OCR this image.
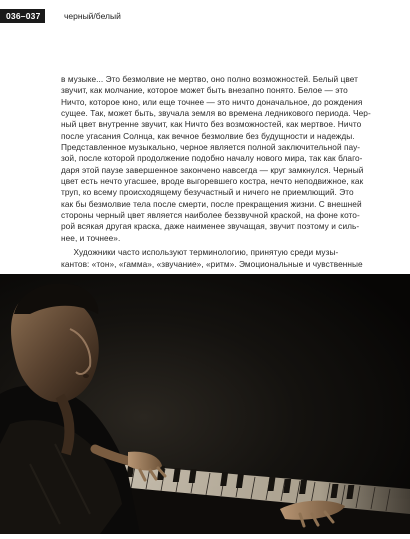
036–037	черный/белый

в музыке... Это безмолвие не мертво, оно полно возможностей. Белый цвет

звучит, как молчание, которое может быть внезапно понято. Белое — это

Ничто, которое юно, или еще точнее — это ничто доначальное, до рождения

сущее. Так, может быть, звучала земля во времена ледникового периода. Чер-

ный цвет внутренне звучит, как Ничто без возможностей, как мертвое. Ничто

после угасания Солнца, как вечное безмолвие без будущности и надежды.

Представленное музыкально, черное является полной заключительной пау-

зой, после которой продолжение подобно началу нового мира, так как благо-

даря этой паузе завершенное закончено навсегда — круг замкнулся. Черный

цвет есть нечто угасшее, вроде выгоревшего костра, нечто неподвижное, как

труп, ко всему происходящему безучастный и ничего не приемлющий. Это

как бы безмолвие тела после смерти, после прекращения жизни. С внешней

стороны черный цвет является наиболее беззвучной краской, на фоне кото-

рой всякая другая краска, даже наименее звучащая, звучит поэтому и силь-

нее, и точнее».

  Художники часто используют терминологию, принятую среди музы-

кантов: «тон», «гамма», «звучание», «ритм». Эмоциональные и чувственные
